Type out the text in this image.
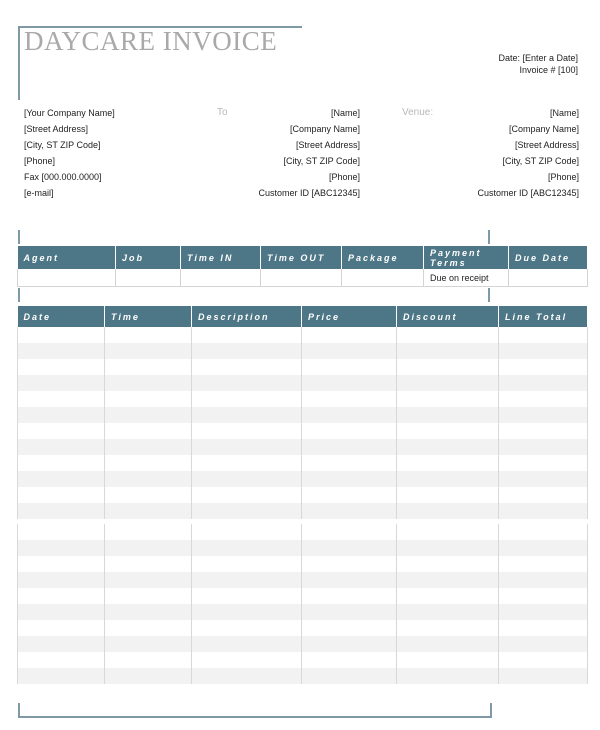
DAYCARE INVOICE
Date: [Enter a Date]
Invoice # [100]
[Your Company Name]
[Street Address]
[City, ST ZIP Code]
[Phone]
Fax [000.000.0000]
[e-mail]
To	[Name]
[Company Name]
[Street Address]
[City, ST ZIP Code]
[Phone]
Customer ID [ABC12345]
Venue:	[Name]
[Company Name]
[Street Address]
[City, ST ZIP Code]
[Phone]
Customer ID [ABC12345]
Agent	Job	Time IN	Time OUT	Package	Payment Terms	Due Date
					Due on receipt	
Date	Time	Description	Price	Discount	Line Total
